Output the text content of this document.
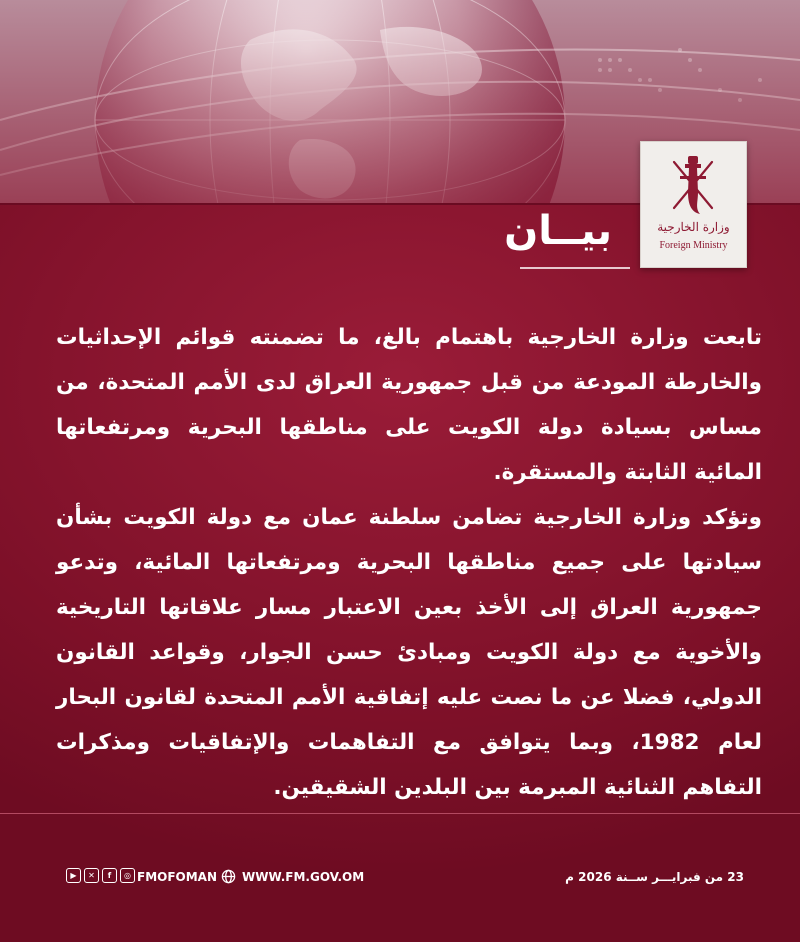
وزارة الخارجية
Foreign Ministry
بيــان
تابعت وزارة الخارجية باهتمام بالغ، ما تضمنته قوائم الإحداثيات والخارطة المودعة من قبل جمهورية العراق لدى الأمم المتحدة، من مساس بسيادة دولة الكويت على مناطقها البحرية ومرتفعاتها المائية الثابتة والمستقرة.
وتؤكد وزارة الخارجية تضامن سلطنة عمان مع دولة الكويت بشأن سيادتها على جميع مناطقها البحرية ومرتفعاتها المائية، وتدعو جمهورية العراق إلى الأخذ بعين الاعتبار مسار علاقاتها التاريخية والأخوية مع دولة الكويت ومبادئ حسن الجوار، وقواعد القانون الدولي، فضلا عن ما نصت عليه إتفاقية الأمم المتحدة لقانون البحار لعام 1982، وبما يتوافق مع التفاهمات والإتفاقيات ومذكرات التفاهم الثنائية المبرمة بين البلدين الشقيقين.
▶	✕	f	◎ FMOFOMAN WWW.FM.GOV.OM	23 من فبرايـــر ســنة 2026 م
